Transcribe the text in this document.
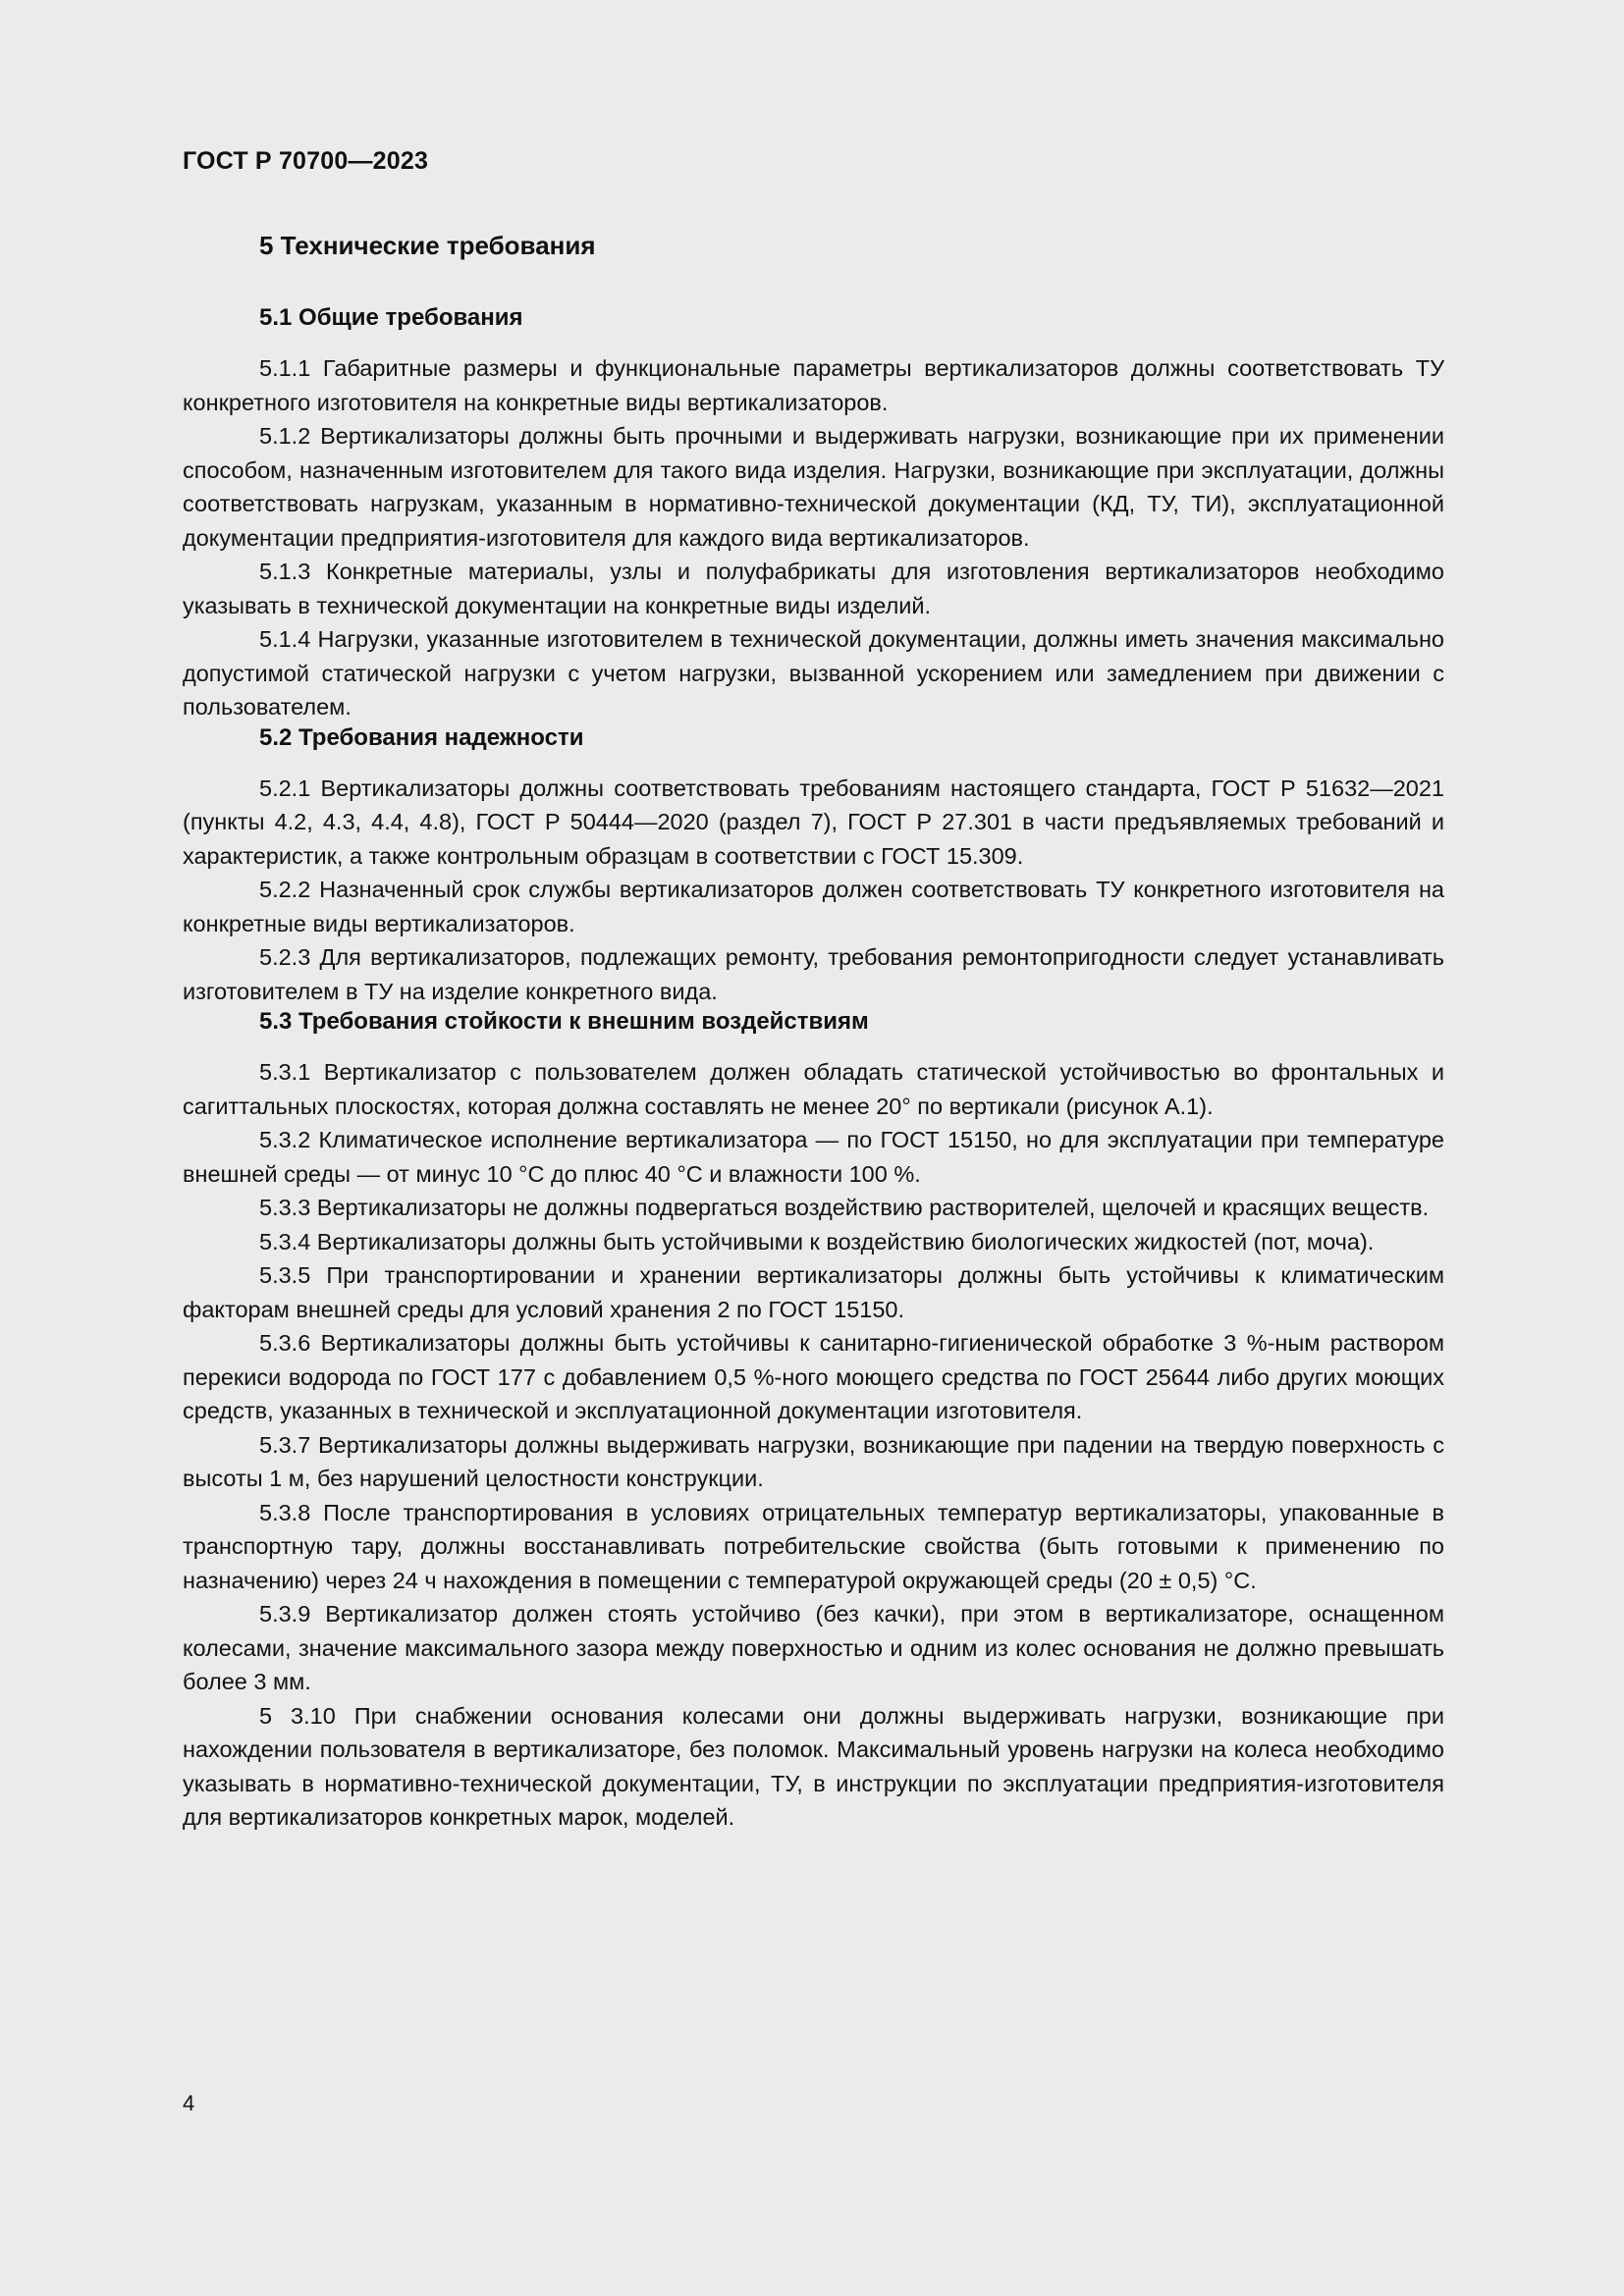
ГОСТ Р 70700—2023
5 Технические требования
5.1 Общие требования

5.1.1 Габаритные размеры и функциональные параметры вертикализаторов должны соответствовать ТУ конкретного изготовителя на конкретные виды вертикализаторов.

5.1.2 Вертикализаторы должны быть прочными и выдерживать нагрузки, возникающие при их применении способом, назначенным изготовителем для такого вида изделия. Нагрузки, возникающие при эксплуатации, должны соответствовать нагрузкам, указанным в нормативно-технической документации (КД, ТУ, ТИ), эксплуатационной документации предприятия-изготовителя для каждого вида вертикализаторов.

5.1.3 Конкретные материалы, узлы и полуфабрикаты для изготовления вертикализаторов необходимо указывать в технической документации на конкретные виды изделий.

5.1.4 Нагрузки, указанные изготовителем в технической документации, должны иметь значения максимально допустимой статической нагрузки с учетом нагрузки, вызванной ускорением или замедлением при движении с пользователем.

5.2 Требования надежности

5.2.1 Вертикализаторы должны соответствовать требованиям настоящего стандарта, ГОСТ Р 51632—2021 (пункты 4.2, 4.3, 4.4, 4.8), ГОСТ Р 50444—2020 (раздел 7), ГОСТ Р 27.301 в части предъявляемых требований и характеристик, а также контрольным образцам в соответствии с ГОСТ 15.309.

5.2.2 Назначенный срок службы вертикализаторов должен соответствовать ТУ конкретного изготовителя на конкретные виды вертикализаторов.

5.2.3 Для вертикализаторов, подлежащих ремонту, требования ремонтопригодности следует устанавливать изготовителем в ТУ на изделие конкретного вида.

5.3 Требования стойкости к внешним воздействиям

5.3.1 Вертикализатор с пользователем должен обладать статической устойчивостью во фронтальных и сагиттальных плоскостях, которая должна составлять не менее 20° по вертикали (рисунок А.1).

5.3.2 Климатическое исполнение вертикализатора — по ГОСТ 15150, но для эксплуатации при температуре внешней среды — от минус 10 °С до плюс 40 °С и влажности 100 %.

5.3.3 Вертикализаторы не должны подвергаться воздействию растворителей, щелочей и красящих веществ.

5.3.4 Вертикализаторы должны быть устойчивыми к воздействию биологических жидкостей (пот, моча).

5.3.5 При транспортировании и хранении вертикализаторы должны быть устойчивы к климатическим факторам внешней среды для условий хранения 2 по ГОСТ 15150.

5.3.6 Вертикализаторы должны быть устойчивы к санитарно-гигиенической обработке 3 %-ным раствором перекиси водорода по ГОСТ 177 с добавлением 0,5 %-ного моющего средства по ГОСТ 25644 либо других моющих средств, указанных в технической и эксплуатационной документации изготовителя.

5.3.7 Вертикализаторы должны выдерживать нагрузки, возникающие при падении на твердую поверхность с высоты 1 м, без нарушений целостности конструкции.

5.3.8 После транспортирования в условиях отрицательных температур вертикализаторы, упакованные в транспортную тару, должны восстанавливать потребительские свойства (быть готовыми к применению по назначению) через 24 ч нахождения в помещении с температурой окружающей среды (20 ± 0,5) °С.

5.3.9 Вертикализатор должен стоять устойчиво (без качки), при этом в вертикализаторе, оснащенном колесами, значение максимального зазора между поверхностью и одним из колес основания не должно превышать более 3 мм.

5 3.10 При снабжении основания колесами они должны выдерживать нагрузки, возникающие при нахождении пользователя в вертикализаторе, без поломок. Максимальный уровень нагрузки на колеса необходимо указывать в нормативно-технической документации, ТУ, в инструкции по эксплуатации предприятия-изготовителя для вертикализаторов конкретных марок, моделей.

4
